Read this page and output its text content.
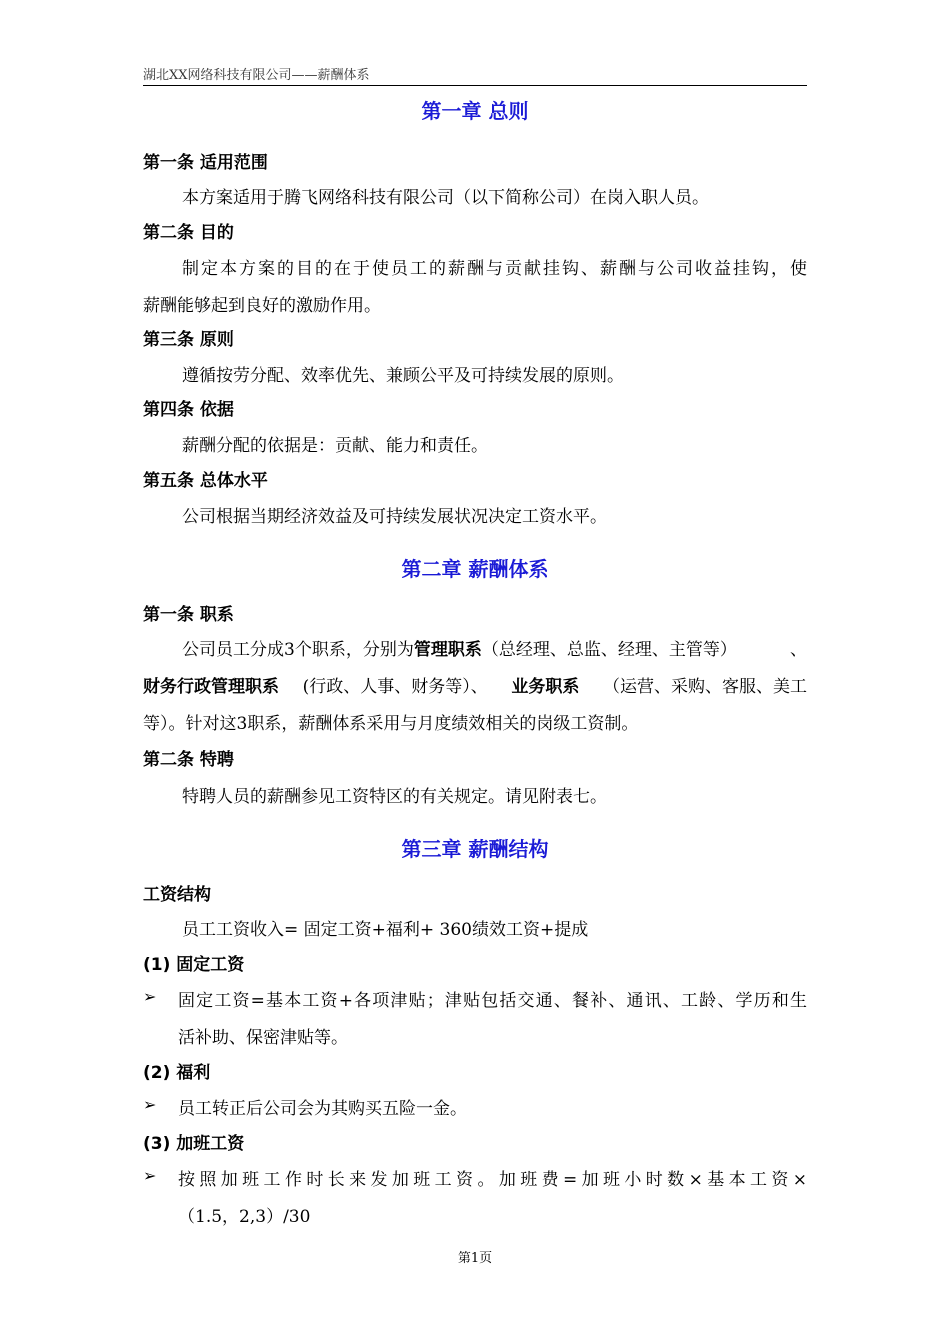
湖北XX网络科技有限公司——薪酬体系
第一章 总则
第一条 适用范围
本方案适用于腾飞网络科技有限公司（以下简称公司）在岗入职人员。
第二条 目的
制定本方案的目的在于使员工的薪酬与贡献挂钩、薪酬与公司收益挂钩，使
薪酬能够起到良好的激励作用。
第三条 原则
遵循按劳分配、效率优先、兼顾公平及可持续发展的原则。
第四条 依据
薪酬分配的依据是：贡献、能力和责任。
第五条 总体水平
公司根据当期经济效益及可持续发展状况决定工资水平。
第二章 薪酬体系
第一条 职系
公司员工分成3个职系，分别为管理职系（总经理、总监、经理、主管等）	、
财务行政管理职系 (行政、人事、财务等）、 业务职系 （运营、采购、客服、美工
等）。针对这3职系，薪酬体系采用与月度绩效相关的岗级工资制。
第二条 特聘
特聘人员的薪酬参见工资特区的有关规定。请见附表七。
第三章 薪酬结构
工资结构
员工工资收入= 固定工资+福利+ 360绩效工资+提成
(1) 固定工资
➢ 固定工资=基本工资+各项津贴；津贴包括交通、餐补、通讯、工龄、学历和生
活补助、保密津贴等。
(2) 福利
➢ 员工转正后公司会为其购买五险一金。
(3) 加班工资
➢ 按照加班工作时长来发加班工资。加班费=加班小时数×基本工资×
（1.5，2,3）/30
第1页
